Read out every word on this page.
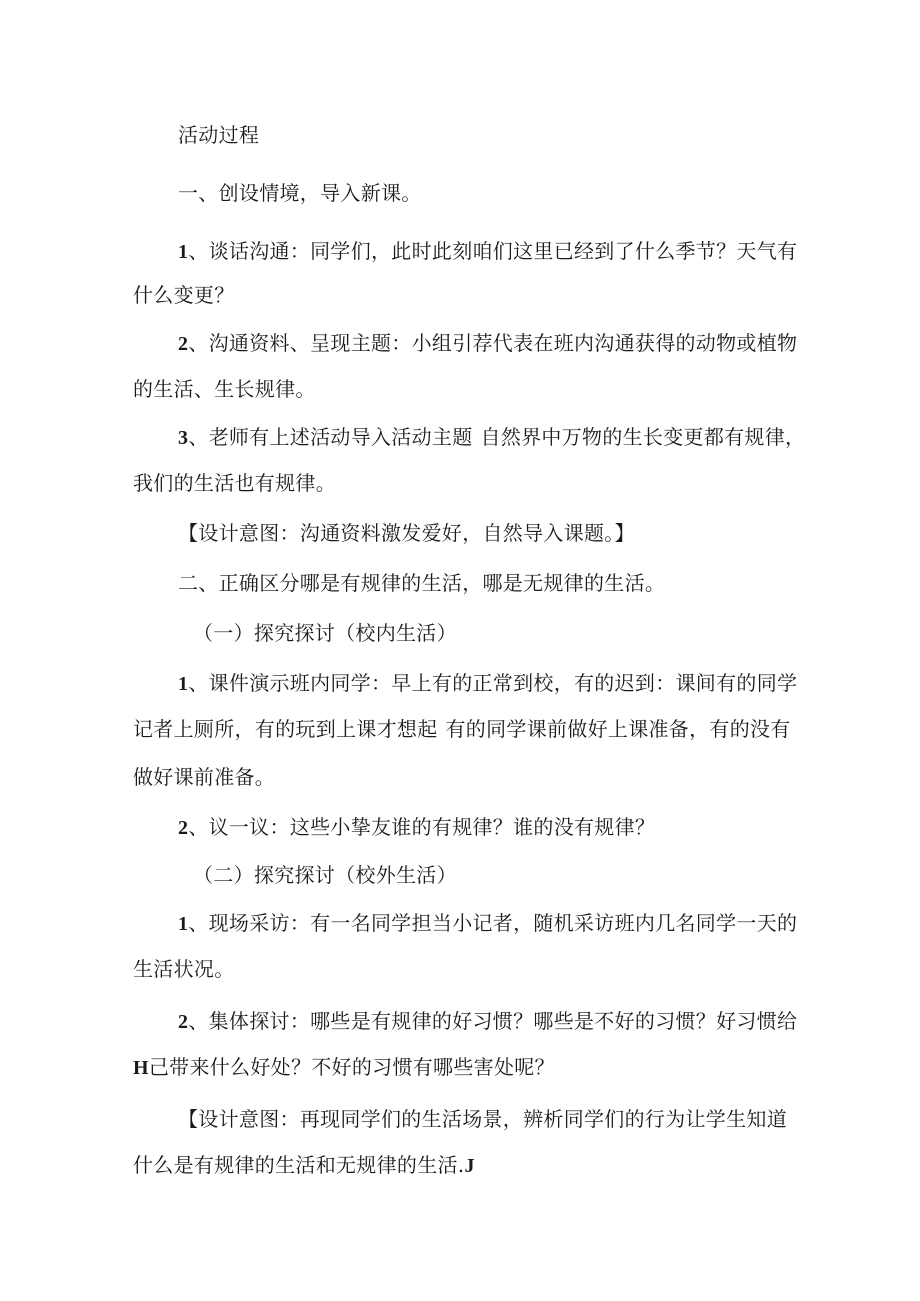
活动过程
一、创设情境，导入新课。
1、谈话沟通：同学们，此时此刻咱们这里已经到了什么季节？天气有
什么变更？
2、沟通资料、呈现主题：小组引荐代表在班内沟通获得的动物或植物
的生活、生长规律。
3、老师有上述活动导入活动主题 自然界中万物的生长变更都有规律，
我们的生活也有规律。
【设计意图：沟通资料激发爱好，自然导入课题。】
二、正确区分哪是有规律的生活，哪是无规律的生活。
（一）探究探讨（校内生活）
1、课件演示班内同学：早上有的正常到校，有的迟到：课间有的同学
记者上厕所，有的玩到上课才想起 有的同学课前做好上课准备，有的没有
做好课前准备。
2、议一议：这些小挚友谁的有规律？谁的没有规律？
（二）探究探讨（校外生活）
1、现场采访：有一名同学担当小记者，随机采访班内几名同学一天的
生活状况。
2、集体探讨：哪些是有规律的好习惯？哪些是不好的习惯？好习惯给
H己带来什么好处？不好的习惯有哪些害处呢？
【设计意图：再现同学们的生活场景，辨析同学们的行为让学生知道
什么是有规律的生活和无规律的生活.J
